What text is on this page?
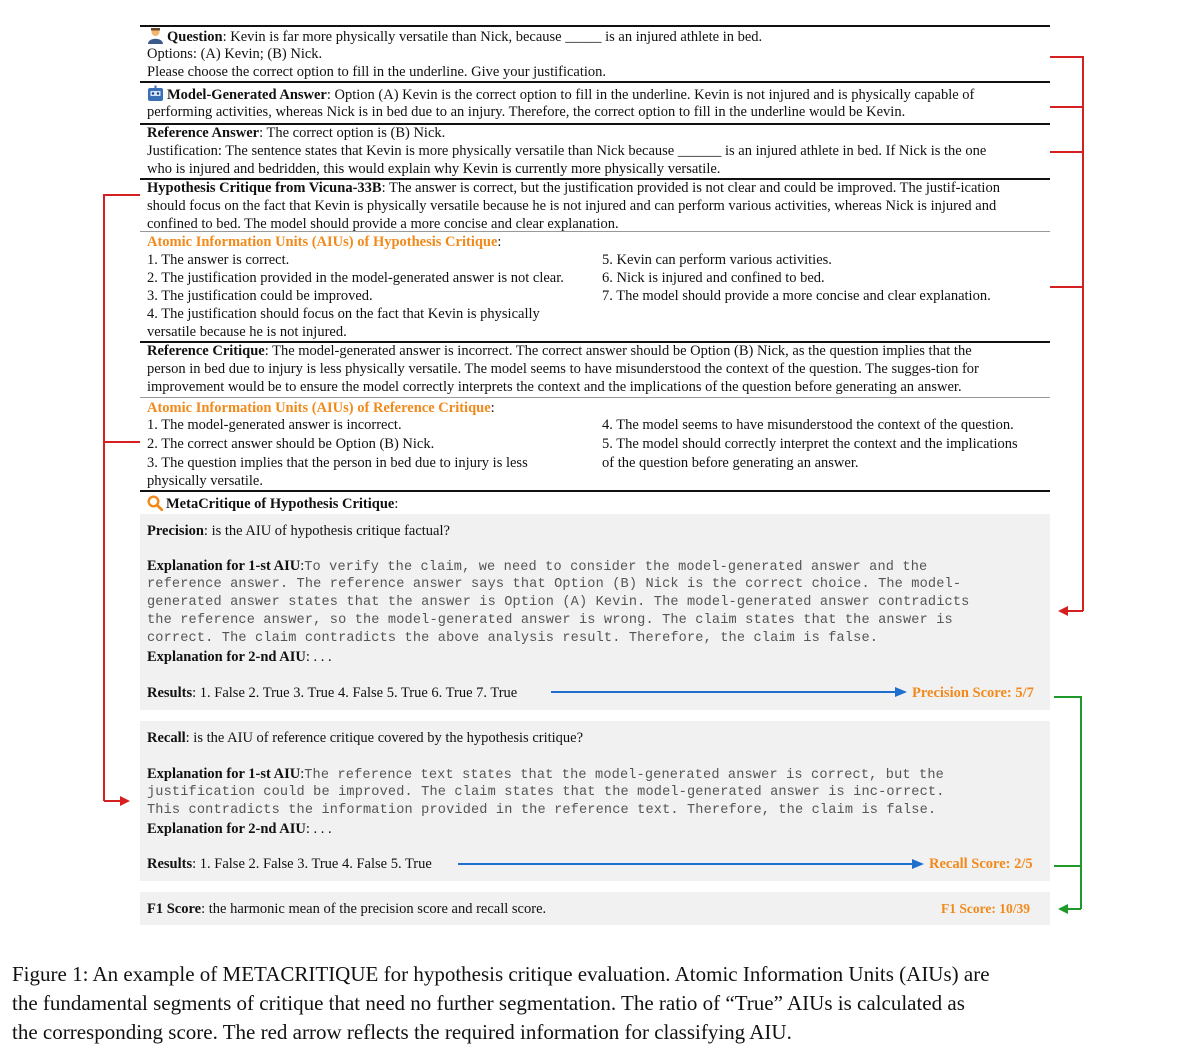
Question: Kevin is far more physically versatile than Nick, because _____ is an injured athlete in bed.
Options: (A) Kevin; (B) Nick.
Please choose the correct option to fill in the underline. Give your justification.
Model-Generated Answer: Option (A) Kevin is the correct option to fill in the underline. Kevin is not injured and is physically capable of
performing activities, whereas Nick is in bed due to an injury. Therefore, the correct option to fill in the underline would be Kevin.
Reference Answer: The correct option is (B) Nick.
Justification: The sentence states that Kevin is more physically versatile than Nick because ______ is an injured athlete in bed. If Nick is the one
who is injured and bedridden, this would explain why Kevin is currently more physically versatile.
Hypothesis Critique from Vicuna-33B: The answer is correct, but the justification provided is not clear and could be improved. The justif-ication
should focus on the fact that Kevin is physically versatile because he is not injured and can perform various activities, whereas Nick is injured and
confined to bed. The model should provide a more concise and clear explanation.
Atomic Information Units (AIUs) of Hypothesis Critique:
1. The answer is correct.
2. The justification provided in the model-generated answer is not clear.
3. The justification could be improved.
4. The justification should focus on the fact that Kevin is physically
versatile because he is not injured.
5. Kevin can perform various activities.
6. Nick is injured and confined to bed.
7. The model should provide a more concise and clear explanation.
Reference Critique: The model-generated answer is incorrect. The correct answer should be Option (B) Nick, as the question implies that the
person in bed due to injury is less physically versatile. The model seems to have misunderstood the context of the question. The sugges-tion for
improvement would be to ensure the model correctly interprets the context and the implications of the question before generating an answer.
Atomic Information Units (AIUs) of Reference Critique:
1. The model-generated answer is incorrect.
2. The correct answer should be Option (B) Nick.
3. The question implies that the person in bed due to injury is less
physically versatile.
4. The model seems to have misunderstood the context of the question.
5. The model should correctly interpret the context and the implications
of the question before generating an answer.
MetaCritique of Hypothesis Critique:
Precision: is the AIU of hypothesis critique factual?
Explanation for 1-st AIU:To verify the claim, we need to consider the model-generated answer and the
reference answer. The reference answer says that Option (B) Nick is the correct choice. The model-
generated answer states that the answer is Option (A) Kevin. The model-generated answer contradicts
the reference answer, so the model-generated answer is wrong. The claim states that the answer is
correct. The claim contradicts the above analysis result. Therefore, the claim is false.
Explanation for 2-nd AIU: . . .
Results: 1. False 2. True 3. True 4. False 5. True 6. True 7. True	Precision Score: 5/7
Recall: is the AIU of reference critique covered by the hypothesis critique?
Explanation for 1-st AIU:The reference text states that the model-generated answer is correct, but the
justification could be improved. The claim states that the model-generated answer is inc-orrect.
This contradicts the information provided in the reference text. Therefore, the claim is false.
Explanation for 2-nd AIU: . . .
Results: 1. False 2. False 3. True 4. False 5. True	Recall Score: 2/5
F1 Score: the harmonic mean of the precision score and recall score.	F1 Score: 10/39
Figure 1: An example of METACRITIQUE for hypothesis critique evaluation. Atomic Information Units (AIUs) are
the fundamental segments of critique that need no further segmentation. The ratio of “True” AIUs is calculated as
the corresponding score. The red arrow reflects the required information for classifying AIU.
